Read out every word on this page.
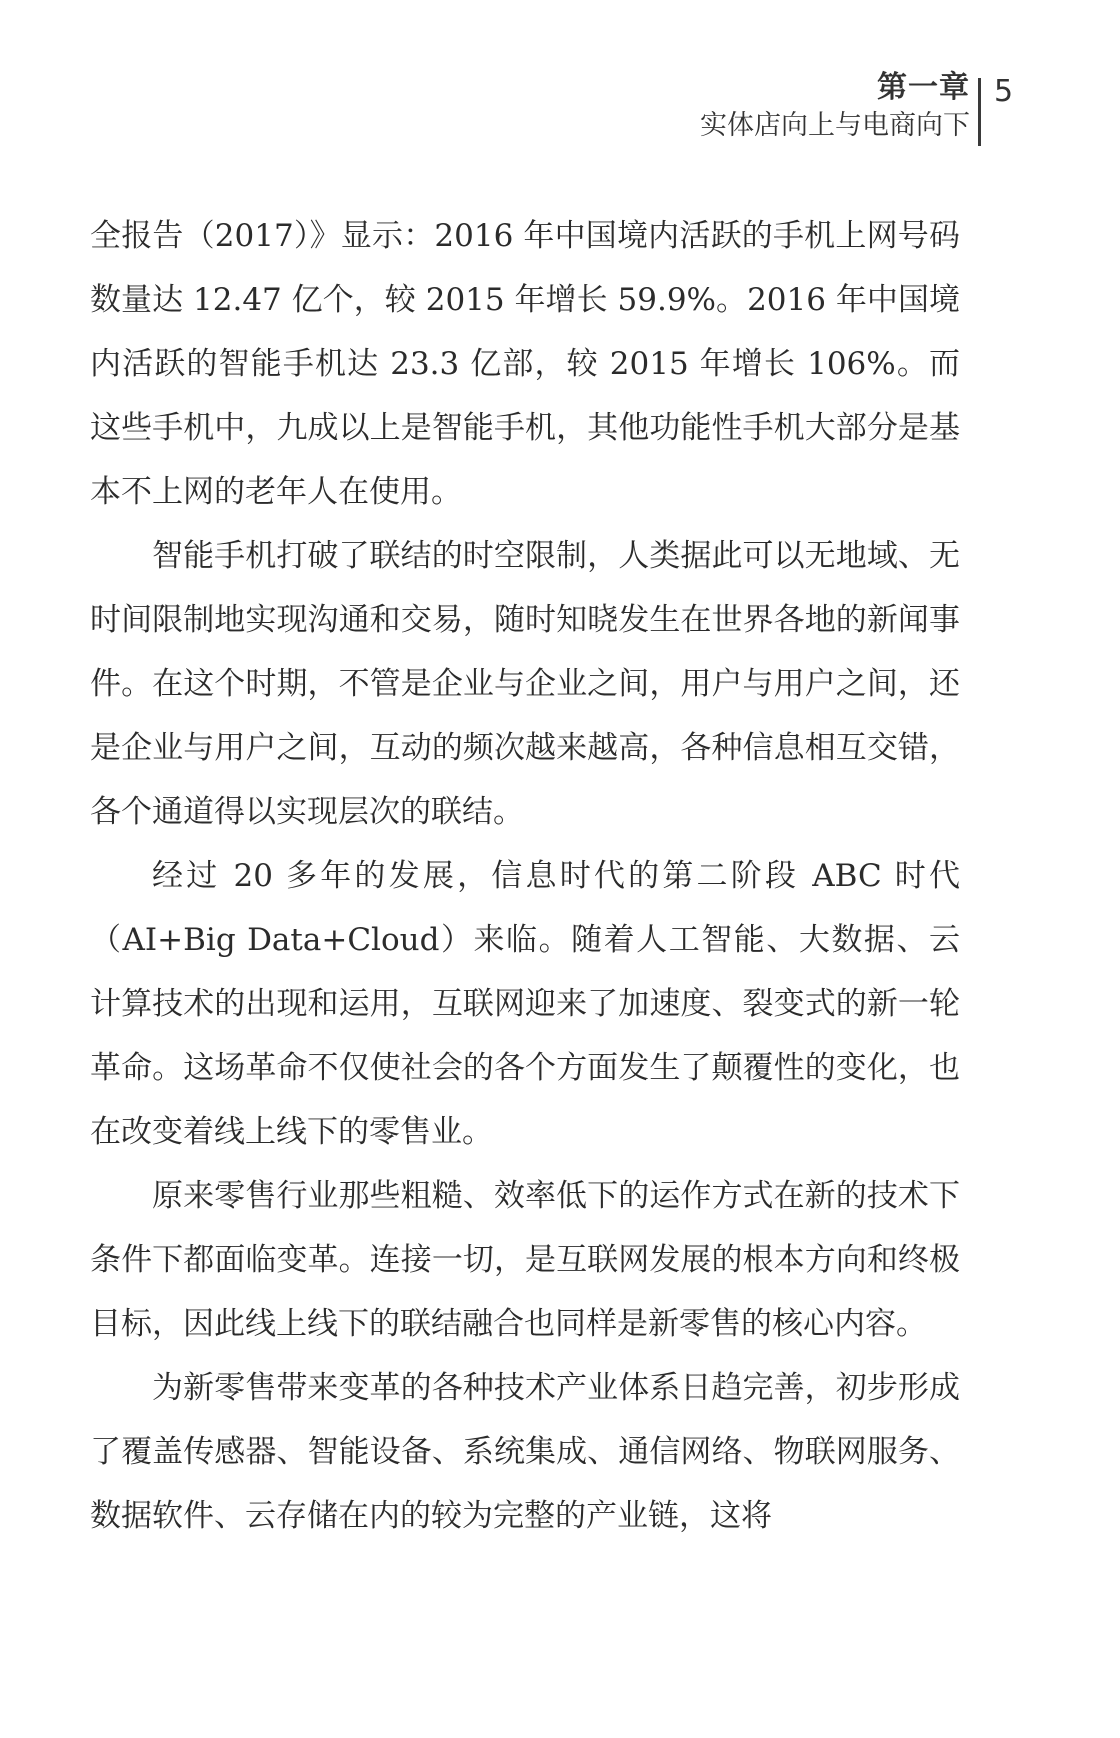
第一章
实体店向上与电商向下
5

全报告（2017）》显示：2016 年中国境内活跃的手机上网号码数量达 12.47 亿个，较 2015 年增长 59.9%。2016 年中国境内活跃的智能手机达 23.3 亿部，较 2015 年增长 106%。而这些手机中，九成以上是智能手机，其他功能性手机大部分是基本不上网的老年人在使用。

智能手机打破了联结的时空限制，人类据此可以无地域、无时间限制地实现沟通和交易，随时知晓发生在世界各地的新闻事件。在这个时期，不管是企业与企业之间，用户与用户之间，还是企业与用户之间，互动的频次越来越高，各种信息相互交错，各个通道得以实现层次的联结。

经过 20 多年的发展，信息时代的第二阶段 ABC 时代（AI+Big Data+Cloud）来临。随着人工智能、大数据、云计算技术的出现和运用，互联网迎来了加速度、裂变式的新一轮革命。这场革命不仅使社会的各个方面发生了颠覆性的变化，也在改变着线上线下的零售业。

原来零售行业那些粗糙、效率低下的运作方式在新的技术下条件下都面临变革。连接一切，是互联网发展的根本方向和终极目标，因此线上线下的联结融合也同样是新零售的核心内容。

为新零售带来变革的各种技术产业体系日趋完善，初步形成了覆盖传感器、智能设备、系统集成、通信网络、物联网服务、数据软件、云存储在内的较为完整的产业链，这将
